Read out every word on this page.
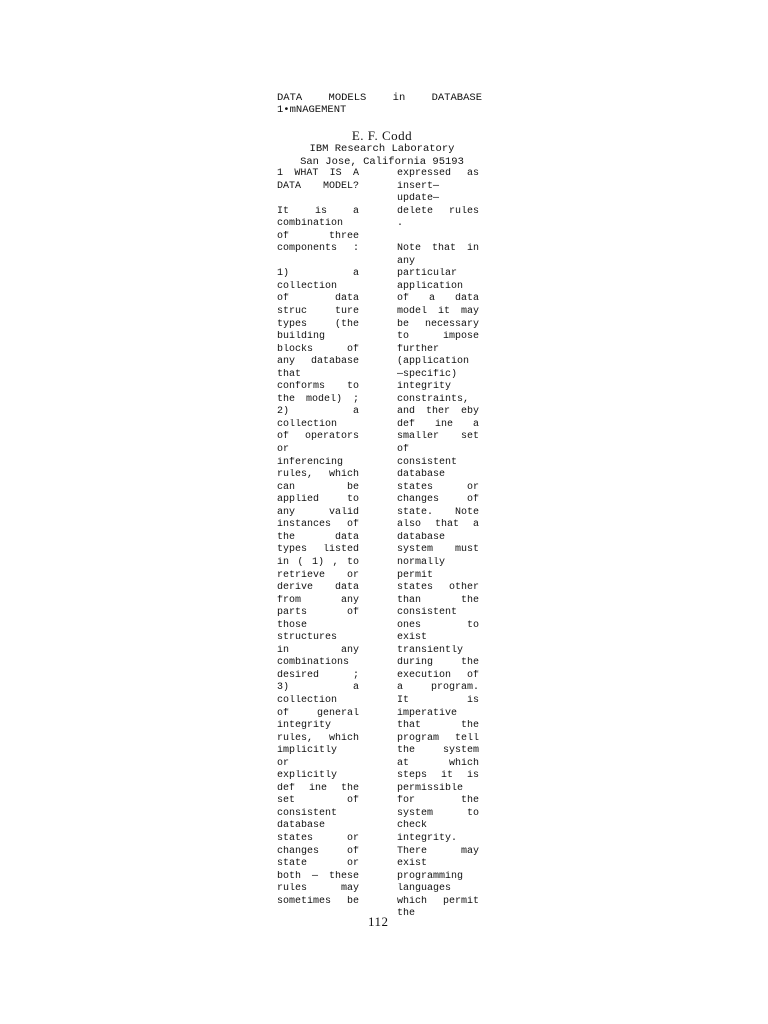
DATA    MODELS    in    DATABASE
1•mNAGEMENT
E. F. Codd
IBM Research Laboratory
San Jose, California 95193
1 WHAT IS A
DATA MODEL?
It is a
combination
of three
components :
1) a
collection
of data
struc ture
types (the
building
blocks of
any database
that
conforms to
the model) ;
2) a
collection
of operators
or
inferencing
rules, which
can be
applied to
any valid
instances of
the data
types listed
in ( 1) , to
retrieve or
derive data
from any
parts of
those
structures
in any
combinations
desired ;
3) a
collection
of general
integrity
rules, which
implicitly
or
explicitly
def ine the
set of
consistent
database
states or
changes of
state or
both — these
rules may
sometimes be
expressed as
insert—
update—
delete rules
.
Note that in
any
particular
application
of a data
model it may
be necessary
to impose
further
(application
—specific)
integrity
constraints,
and ther eby
def ine a
smaller set
of
consistent
database
states or
changes of
state. Note
also that a
database
system must
normally
permit
states other
than the
consistent
ones to
exist
transiently
during the
execution of
a program.
It is
imperative
that the
program tell
the system
at which
steps it is
permissible
for the
system to
check
integrity.
There may
exist
programming
languages
which permit
the
112
